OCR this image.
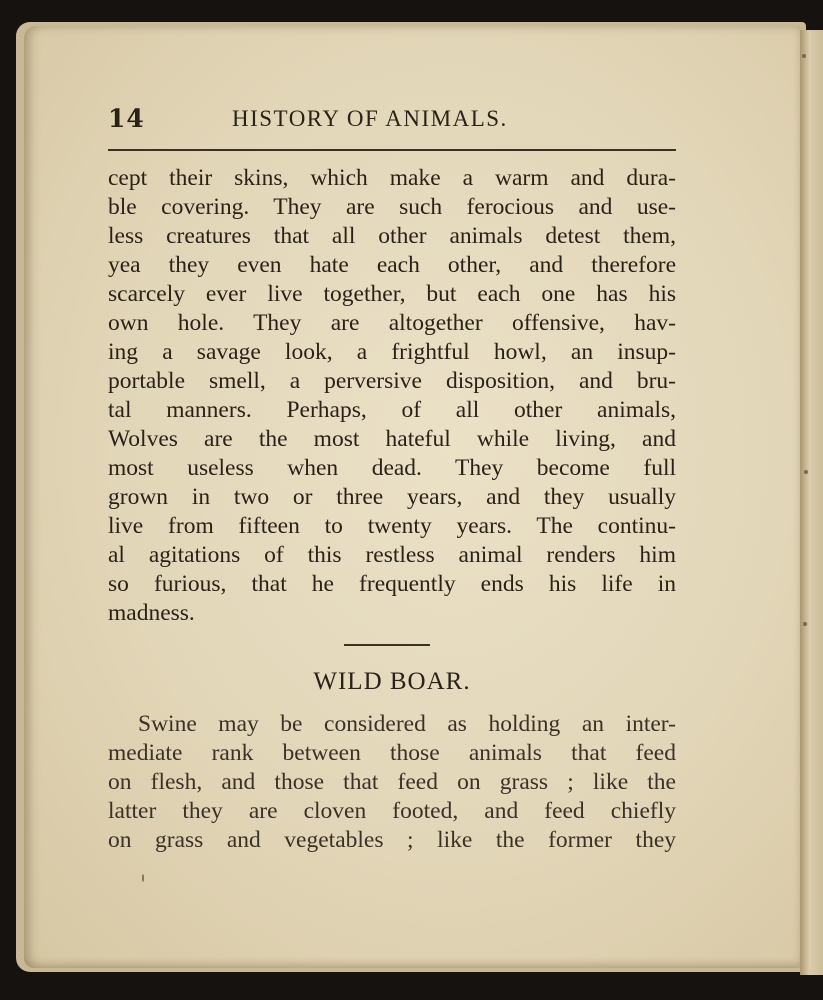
14	HISTORY OF ANIMALS.
cept their skins, which make a warm and dura-
ble covering. They are such ferocious and use-
less creatures that all other animals detest them,
yea they even hate each other, and therefore
scarcely ever live together, but each one has his
own hole. They are altogether offensive, hav-
ing a savage look, a frightful howl, an insup-
portable smell, a perversive disposition, and bru-
tal manners. Perhaps, of all other animals,
Wolves are the most hateful while living, and
most useless when dead. They become full
grown in two or three years, and they usually
live from fifteen to twenty years. The continu-
al agitations of this restless animal renders him
so furious, that he frequently ends his life in
madness.
WILD BOAR.
Swine may be considered as holding an inter-
mediate rank between those animals that feed
on flesh, and those that feed on grass ; like the
latter they are cloven footed, and feed chiefly
on grass and vegetables ; like the former they
